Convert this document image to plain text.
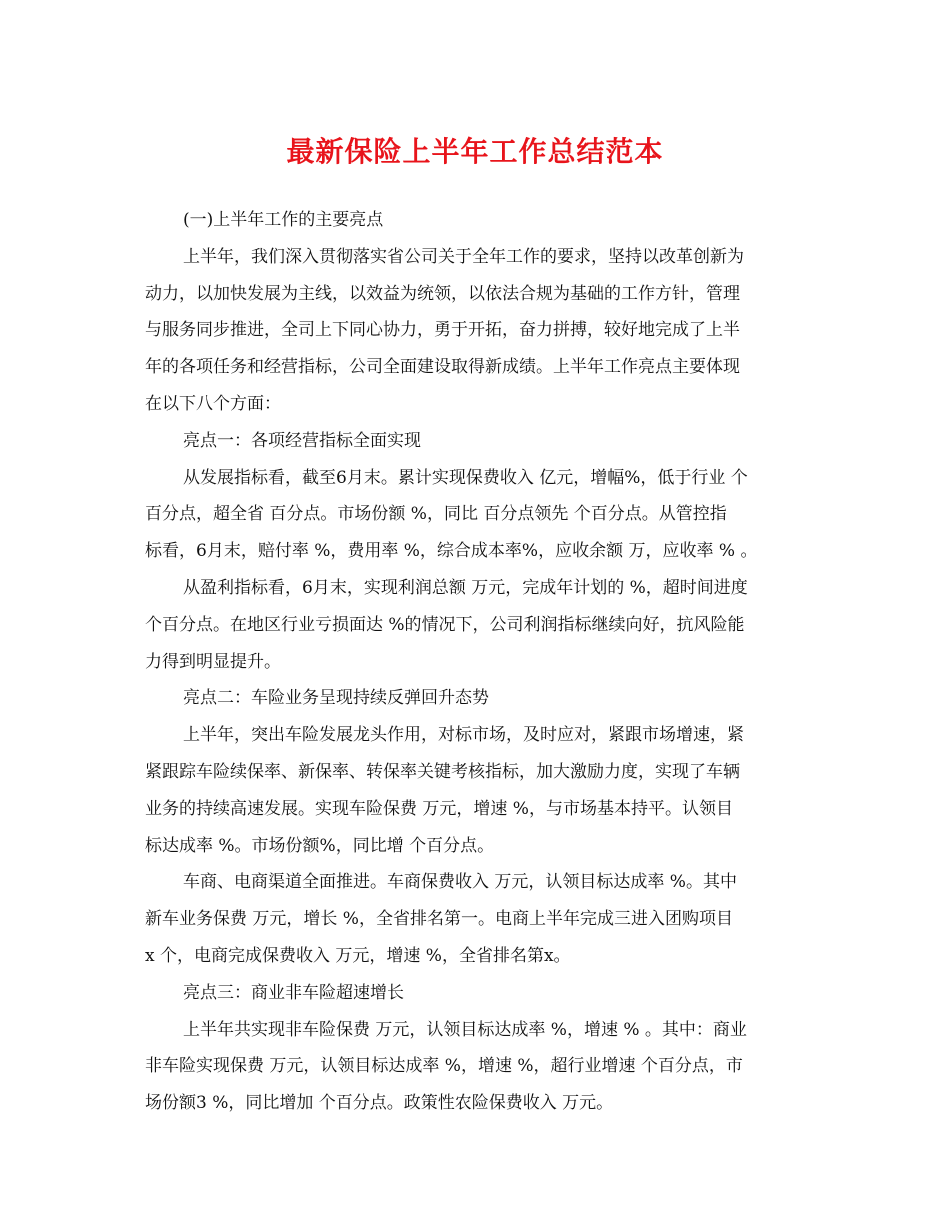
最新保险上半年工作总结范本
(一)上半年工作的主要亮点
上半年，我们深入贯彻落实省公司关于全年工作的要求，坚持以改革创新为
动力，以加快发展为主线，以效益为统领，以依法合规为基础的工作方针，管理
与服务同步推进，全司上下同心协力，勇于开拓，奋力拼搏，较好地完成了上半
年的各项任务和经营指标，公司全面建设取得新成绩。上半年工作亮点主要体现
在以下八个方面：
亮点一：各项经营指标全面实现
从发展指标看，截至6月末。累计实现保费收入 亿元，增幅%，低于行业 个
百分点，超全省 百分点。市场份额 %，同比 百分点领先 个百分点。从管控指
标看，6月末，赔付率 %，费用率 %，综合成本率%，应收余额 万，应收率 % 。
从盈利指标看，6月末，实现利润总额 万元，完成年计划的 %，超时间进度
个百分点。在地区行业亏损面达 %的情况下，公司利润指标继续向好，抗风险能
力得到明显提升。
亮点二：车险业务呈现持续反弹回升态势
上半年，突出车险发展龙头作用，对标市场，及时应对，紧跟市场增速，紧
紧跟踪车险续保率、新保率、转保率关键考核指标，加大激励力度，实现了车辆
业务的持续高速发展。实现车险保费 万元，增速 %，与市场基本持平。认领目
标达成率 %。市场份额%，同比增 个百分点。
车商、电商渠道全面推进。车商保费收入 万元，认领目标达成率 %。其中
新车业务保费 万元，增长 %，全省排名第一。电商上半年完成三进入团购项目
x 个，电商完成保费收入 万元，增速 %，全省排名第x。
亮点三：商业非车险超速增长
上半年共实现非车险保费 万元，认领目标达成率 %，增速 % 。其中：商业
非车险实现保费 万元，认领目标达成率 %，增速 %，超行业增速 个百分点，市
场份额3 %，同比增加 个百分点。政策性农险保费收入 万元。
